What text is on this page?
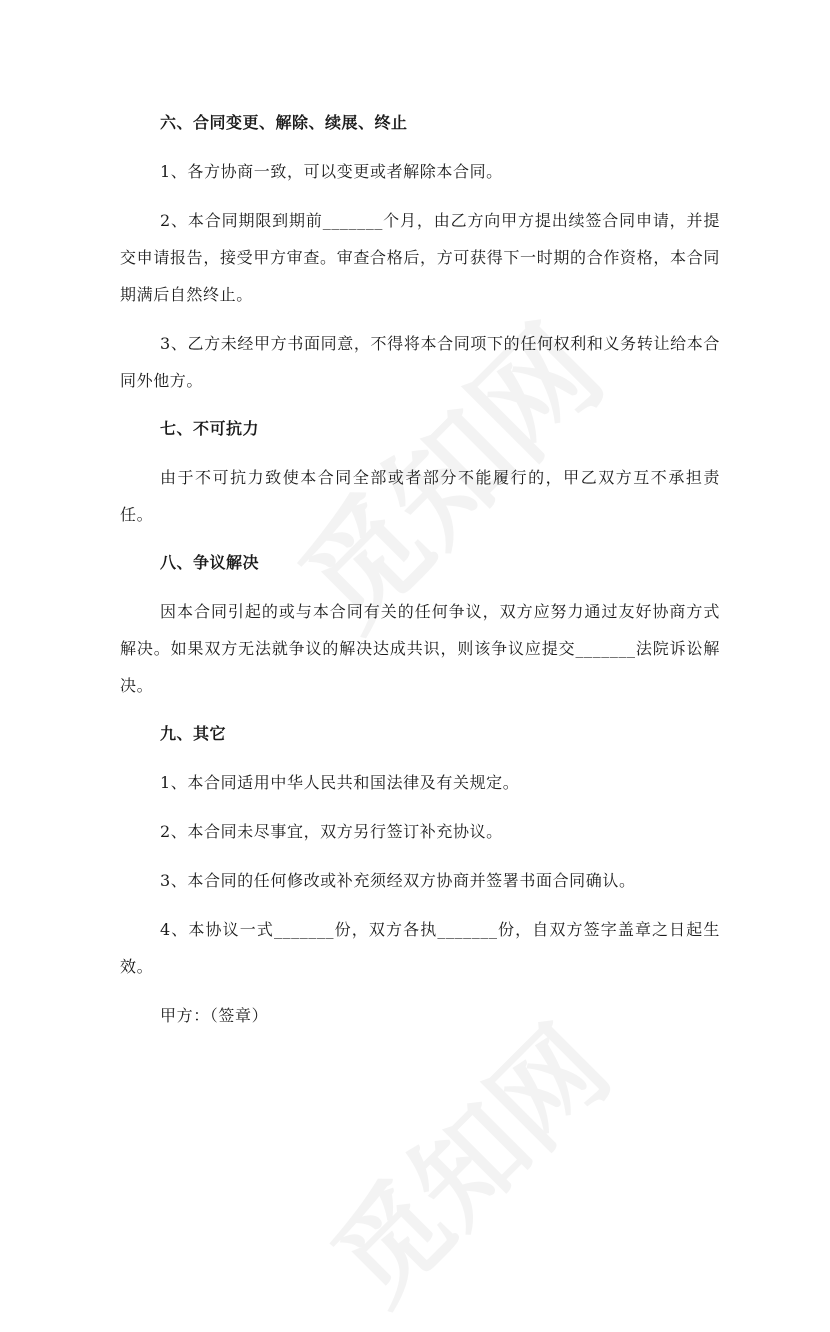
六、合同变更、解除、续展、终止

1、各方协商一致，可以变更或者解除本合同。

2、本合同期限到期前_______个月，由乙方向甲方提出续签合同申请，并提交申请报告，接受甲方审查。审查合格后，方可获得下一时期的合作资格，本合同期满后自然终止。

3、乙方未经甲方书面同意，不得将本合同项下的任何权利和义务转让给本合同外他方。

七、不可抗力

由于不可抗力致使本合同全部或者部分不能履行的，甲乙双方互不承担责任。

八、争议解决

因本合同引起的或与本合同有关的任何争议，双方应努力通过友好协商方式解决。如果双方无法就争议的解决达成共识，则该争议应提交_______法院诉讼解决。

九、其它

1、本合同适用中华人民共和国法律及有关规定。

2、本合同未尽事宜，双方另行签订补充协议。

3、本合同的任何修改或补充须经双方协商并签署书面合同确认。

4、本协议一式_______份，双方各执_______份，自双方签字盖章之日起生效。

甲方：（签章）
